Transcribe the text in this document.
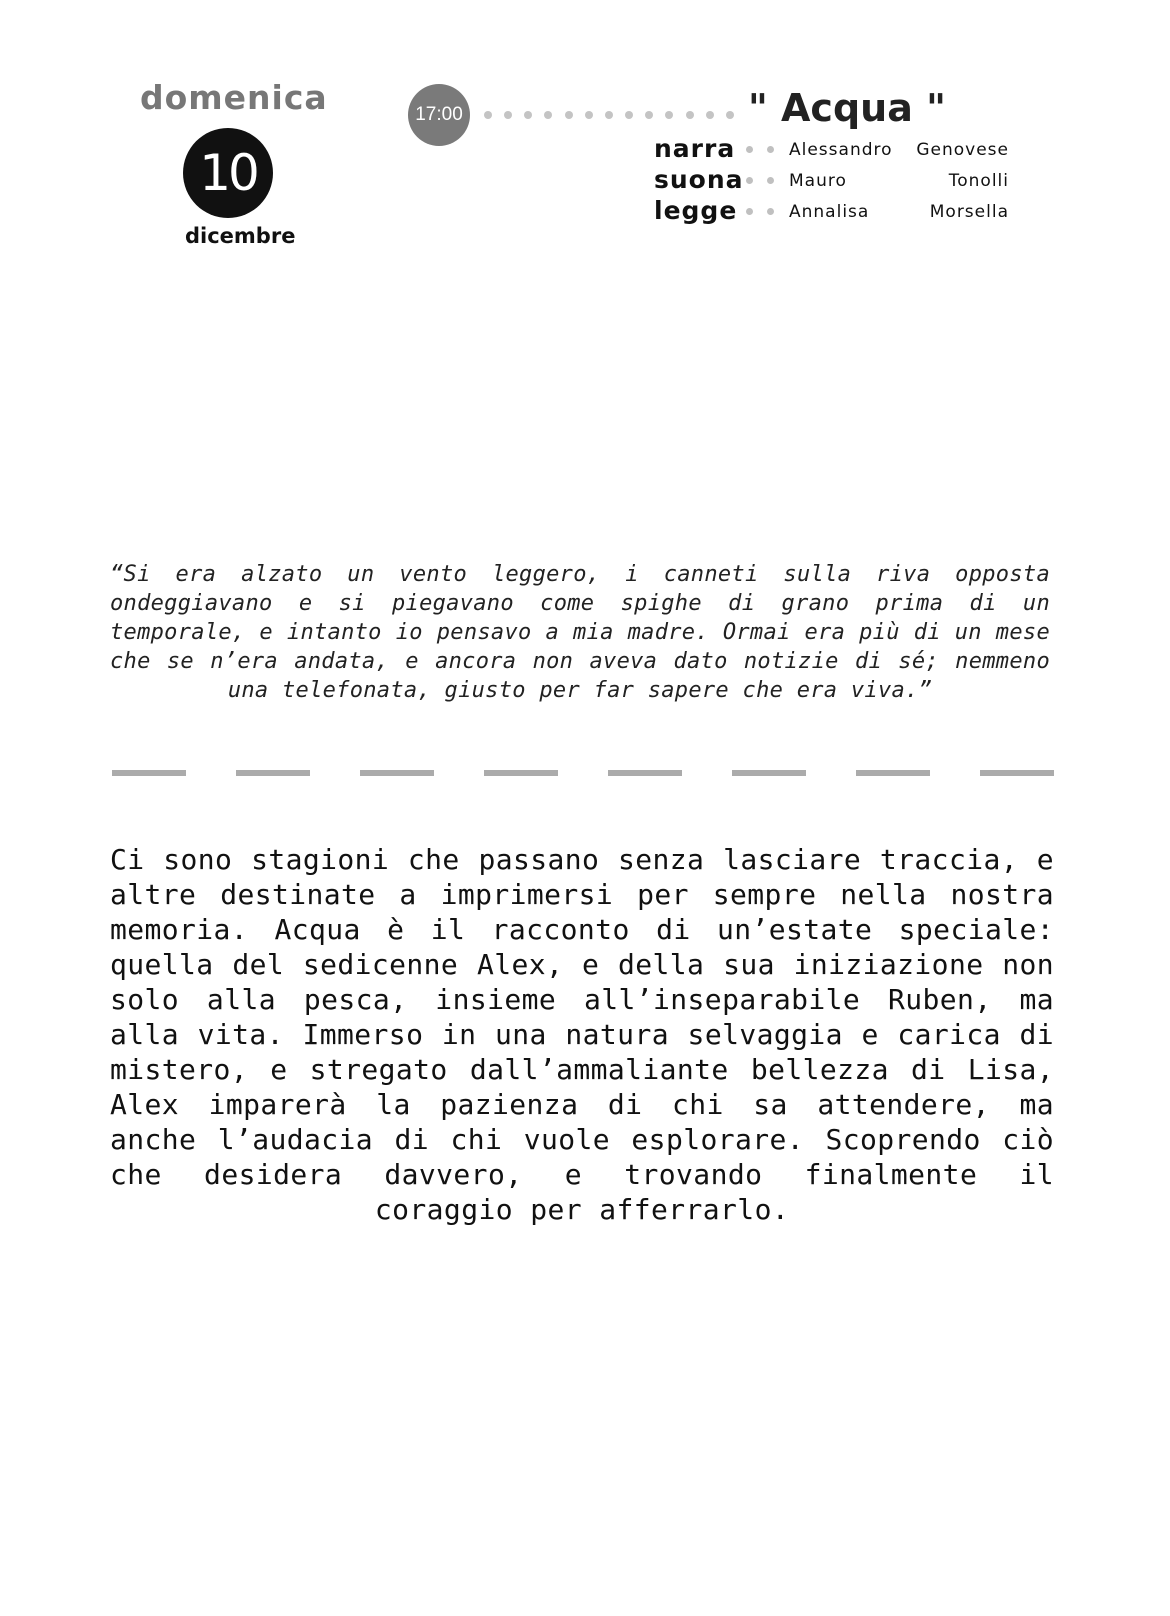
domenica
10
dicembre
17:00	" Acqua "
narra	Alessandro Genovese
suona	Mauro	Tonolli
legge	Annalisa	Morsella
“Si era alzato un vento leggero, i canneti sulla riva opposta ondeggiavano e si piegavano come spighe di grano prima di un temporale, e intanto io pensavo a mia madre. Ormai era più di un mese che se n’era andata, e ancora non aveva dato notizie di sé; nemmeno una telefonata, giusto per far sapere che era viva.”
Ci sono stagioni che passano senza lasciare traccia, e altre destinate a imprimersi per sempre nella nostra memoria. Acqua è il racconto di un’estate speciale: quella del sedicenne Alex, e della sua iniziazione non solo alla pesca, insieme all’inseparabile Ruben, ma alla vita. Immerso in una natura selvaggia e carica di mistero, e stregato dall’ammaliante bellezza di Lisa, Alex imparerà la pazienza di chi sa attendere, ma anche l’audacia di chi vuole esplorare. Scoprendo ciò che desidera davvero, e trovando finalmente il coraggio per afferrarlo.
